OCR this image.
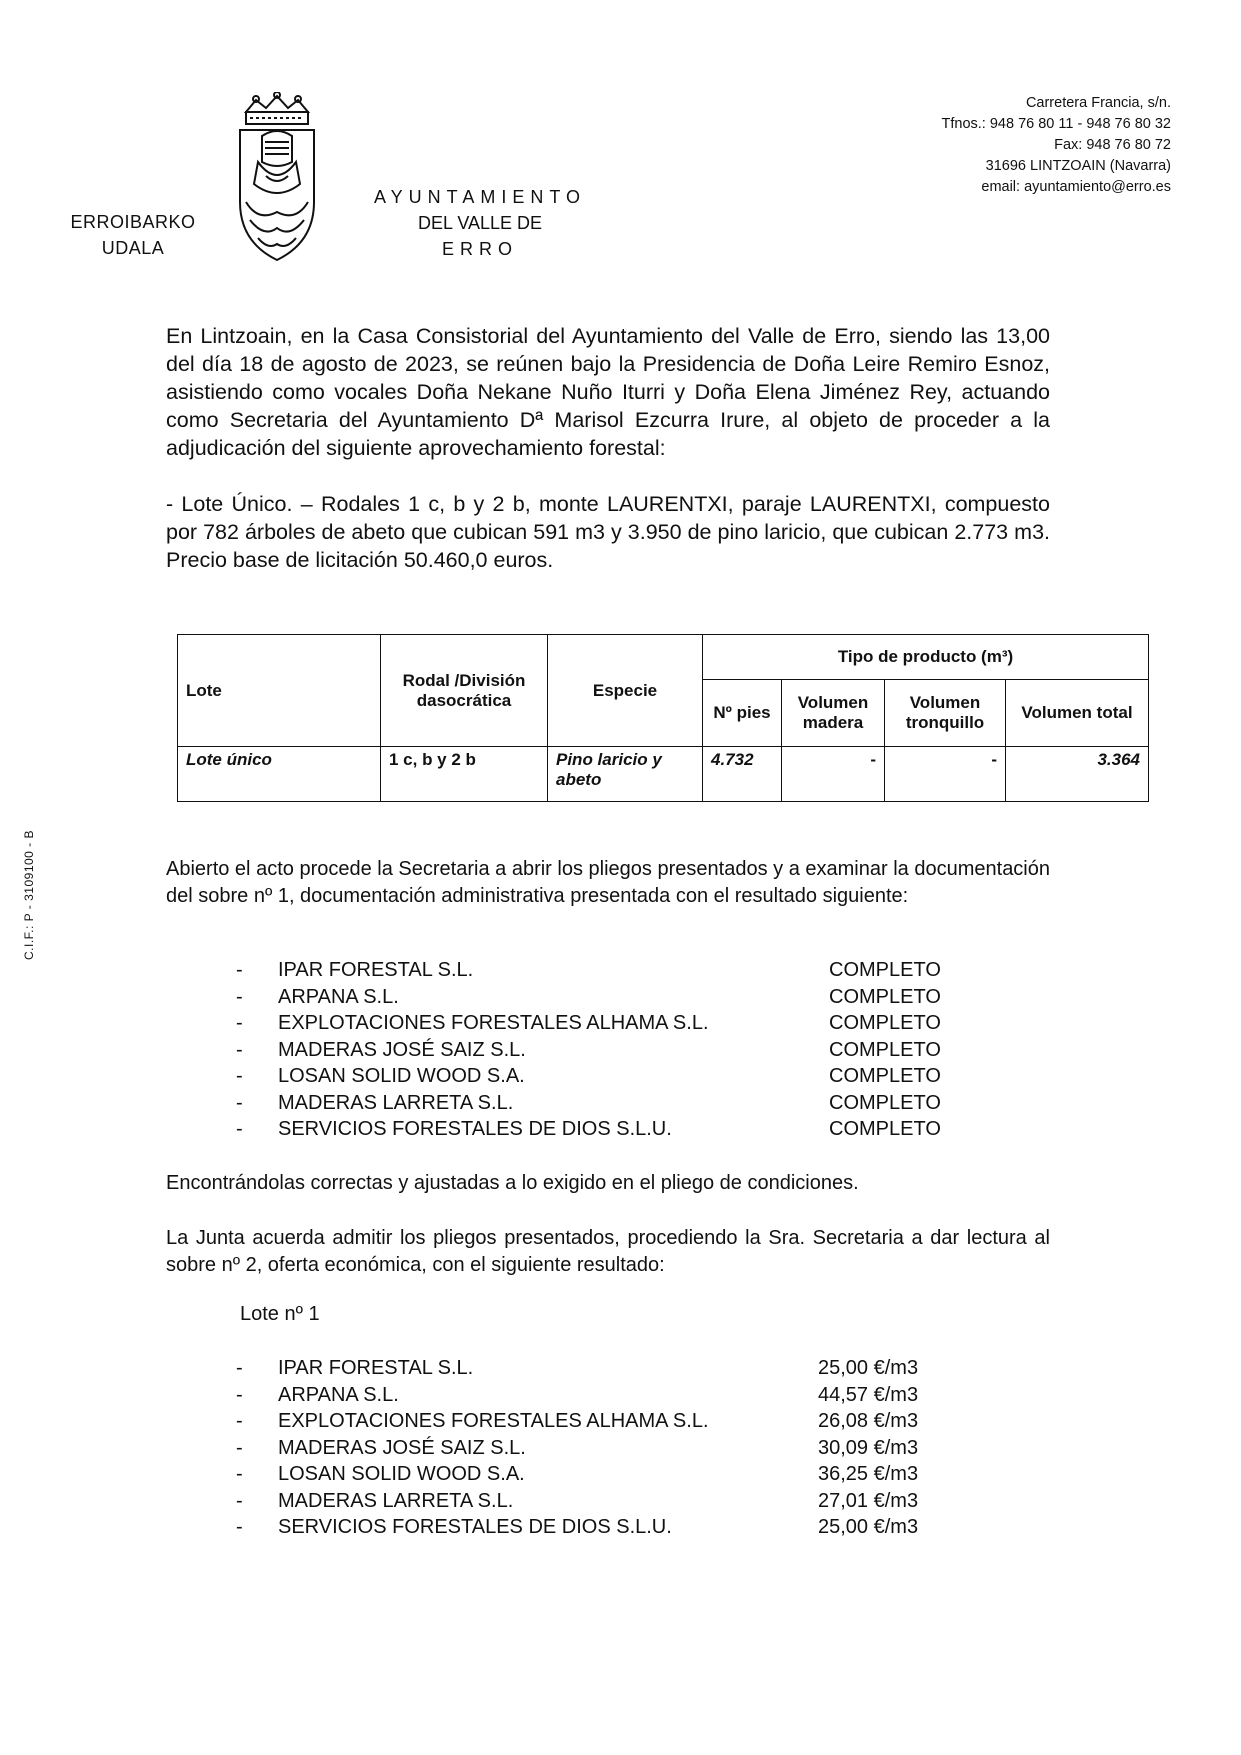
ERROIBARKO
UDALA
AYUNTAMIENTO
DEL VALLE DE
ERRO
Carretera Francia, s/n.
Tfnos.: 948 76 80 11 - 948 76 80 32
Fax: 948 76 80 72
31696 LINTZOAIN (Navarra)
email: ayuntamiento@erro.es
En Lintzoain, en la Casa Consistorial del Ayuntamiento del Valle de Erro, siendo las 13,00 del día 18 de agosto de 2023, se reúnen bajo la Presidencia de Doña Leire Remiro Esnoz, asistiendo como vocales Doña Nekane Nuño Iturri y Doña Elena Jiménez Rey, actuando como Secretaria del Ayuntamiento Dª Marisol Ezcurra Irure, al objeto de proceder a la adjudicación del siguiente aprovechamiento forestal:
- Lote Único. – Rodales 1 c, b y 2 b, monte LAURENTXI, paraje LAURENTXI, compuesto por 782 árboles de abeto que cubican 591 m3 y 3.950 de pino laricio, que cubican 2.773 m3. Precio base de licitación 50.460,0 euros.
Lote	Rodal /División dasocrática	Especie	Tipo de producto (m³)			
			Nº pies	Volumen madera	Volumen tronquillo	Volumen total
Lote único	1 c, b y 2 b	Pino laricio y abeto	4.732	-	-	3.364
C.I.F.: P - 3109100 - B	Abierto el acto procede la Secretaria a abrir los pliegos presentados y a examinar la documentación del sobre nº 1, documentación administrativa presentada con el resultado siguiente:
-	IPAR FORESTAL S.L.	COMPLETO
-	ARPANA S.L.	COMPLETO
-	EXPLOTACIONES FORESTALES ALHAMA S.L.	COMPLETO
-	MADERAS JOSÉ SAIZ S.L.	COMPLETO
-	LOSAN SOLID WOOD S.A.	COMPLETO
-	MADERAS LARRETA S.L.	COMPLETO
-	SERVICIOS FORESTALES DE DIOS S.L.U.	COMPLETO
Encontrándolas correctas y ajustadas a lo exigido en el pliego de condiciones.
La Junta acuerda admitir los pliegos presentados, procediendo la Sra. Secretaria a dar lectura al sobre nº 2, oferta económica, con el siguiente resultado:
Lote nº 1
-	IPAR FORESTAL S.L.	25,00 €/m3
-	ARPANA S.L.	44,57 €/m3
-	EXPLOTACIONES FORESTALES ALHAMA S.L.	26,08 €/m3
-	MADERAS JOSÉ SAIZ S.L.	30,09 €/m3
-	LOSAN SOLID WOOD S.A.	36,25 €/m3
-	MADERAS LARRETA S.L.	27,01 €/m3
-	SERVICIOS FORESTALES DE DIOS S.L.U.	25,00 €/m3
